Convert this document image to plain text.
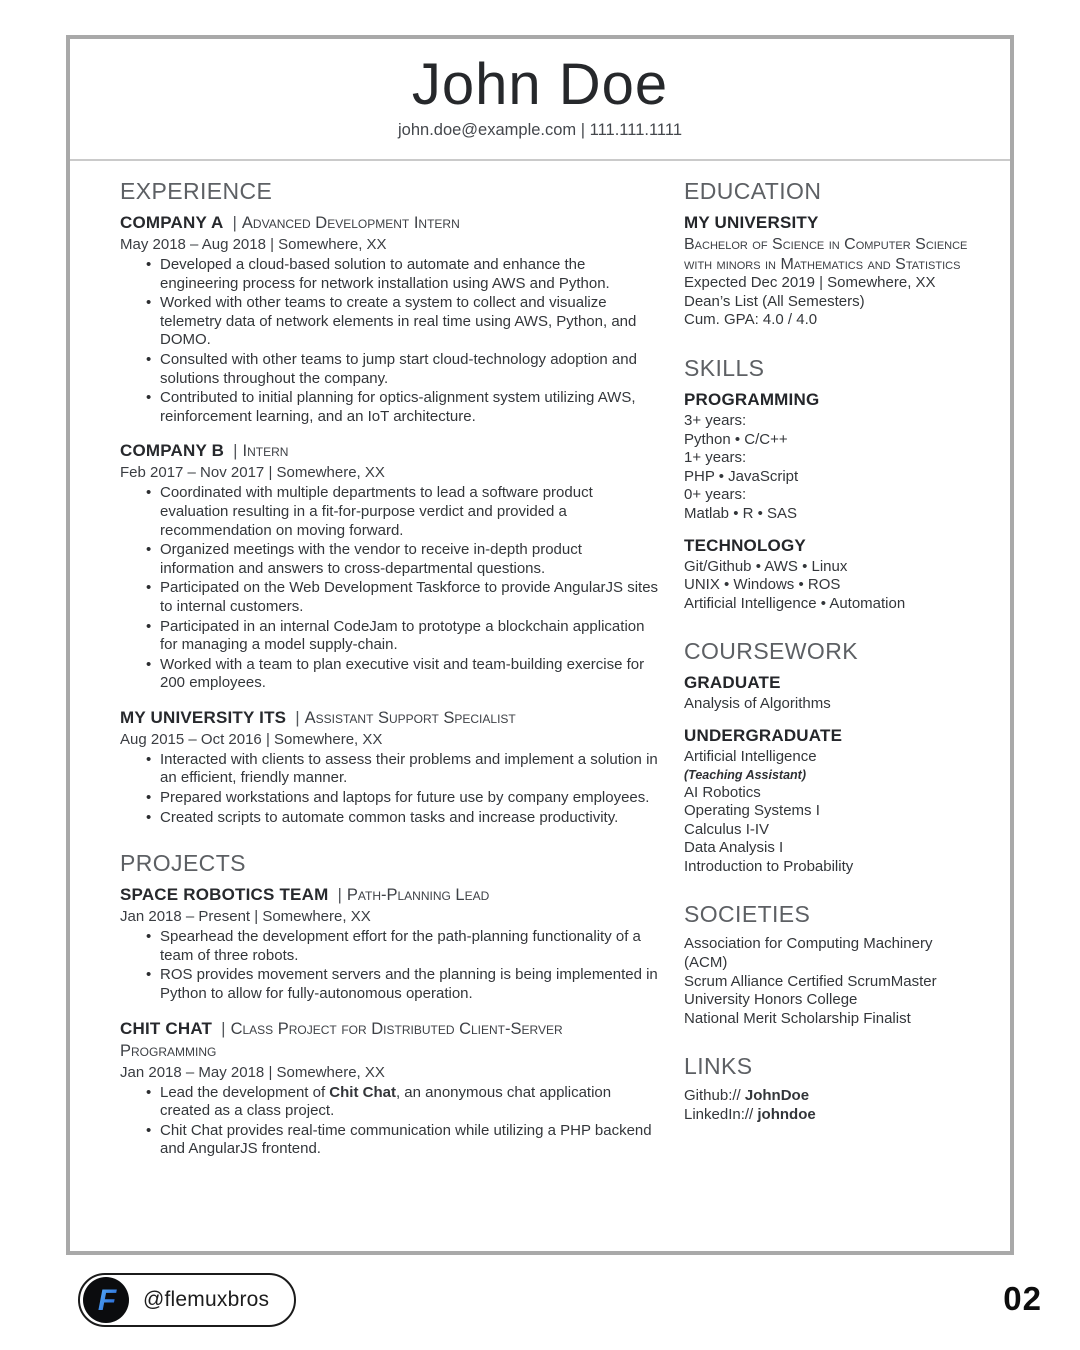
John Doe
john.doe@example.com | 111.111.1111
EXPERIENCE
COMPANY A | Advanced Development Intern
May 2018 – Aug 2018 | Somewhere, XX
• Developed a cloud-based solution to automate and enhance the engineering process for network installation using AWS and Python.
• Worked with other teams to create a system to collect and visualize telemetry data of network elements in real time using AWS, Python, and DOMO.
• Consulted with other teams to jump start cloud-technology adoption and solutions throughout the company.
• Contributed to initial planning for optics-alignment system utilizing AWS, reinforcement learning, and an IoT architecture.
COMPANY B | Intern
Feb 2017 – Nov 2017 | Somewhere, XX
• Coordinated with multiple departments to lead a software product evaluation resulting in a fit-for-purpose verdict and provided a recommendation on moving forward.
• Organized meetings with the vendor to receive in-depth product information and answers to cross-departmental questions.
• Participated on the Web Development Taskforce to provide AngularJS sites to internal customers.
• Participated in an internal CodeJam to prototype a blockchain application for managing a model supply-chain.
• Worked with a team to plan executive visit and team-building exercise for 200 employees.
MY UNIVERSITY ITS | Assistant Support Specialist
Aug 2015 – Oct 2016 | Somewhere, XX
• Interacted with clients to assess their problems and implement a solution in an efficient, friendly manner.
• Prepared workstations and laptops for future use by company employees.
• Created scripts to automate common tasks and increase productivity.
PROJECTS
SPACE ROBOTICS TEAM | Path-Planning Lead
Jan 2018 – Present | Somewhere, XX
• Spearhead the development effort for the path-planning functionality of a team of three robots.
• ROS provides movement servers and the planning is being implemented in Python to allow for fully-autonomous operation.
CHIT CHAT | Class Project for Distributed Client-Server Programming
Jan 2018 – May 2018 | Somewhere, XX
• Lead the development of Chit Chat, an anonymous chat application created as a class project.
• Chit Chat provides real-time communication while utilizing a PHP backend and AngularJS frontend.
EDUCATION
MY UNIVERSITY
Bachelor of Science in Computer Science with minors in Mathematics and Statistics
Expected Dec 2019 | Somewhere, XX
Dean’s List (All Semesters)
Cum. GPA: 4.0 / 4.0
SKILLS
PROGRAMMING
3+ years:
Python • C/C++
1+ years:
PHP • JavaScript
0+ years:
Matlab • R • SAS
TECHNOLOGY
Git/Github • AWS • Linux
UNIX • Windows • ROS
Artificial Intelligence • Automation
COURSEWORK
GRADUATE
Analysis of Algorithms
UNDERGRADUATE
Artificial Intelligence
(Teaching Assistant)
AI Robotics
Operating Systems I
Calculus I-IV
Data Analysis I
Introduction to Probability
SOCIETIES
Association for Computing Machinery (ACM)
Scrum Alliance Certified ScrumMaster
University Honors College
National Merit Scholarship Finalist
LINKS
Github:// JohnDoe
LinkedIn:// johndoe
F @flemuxbros	02
